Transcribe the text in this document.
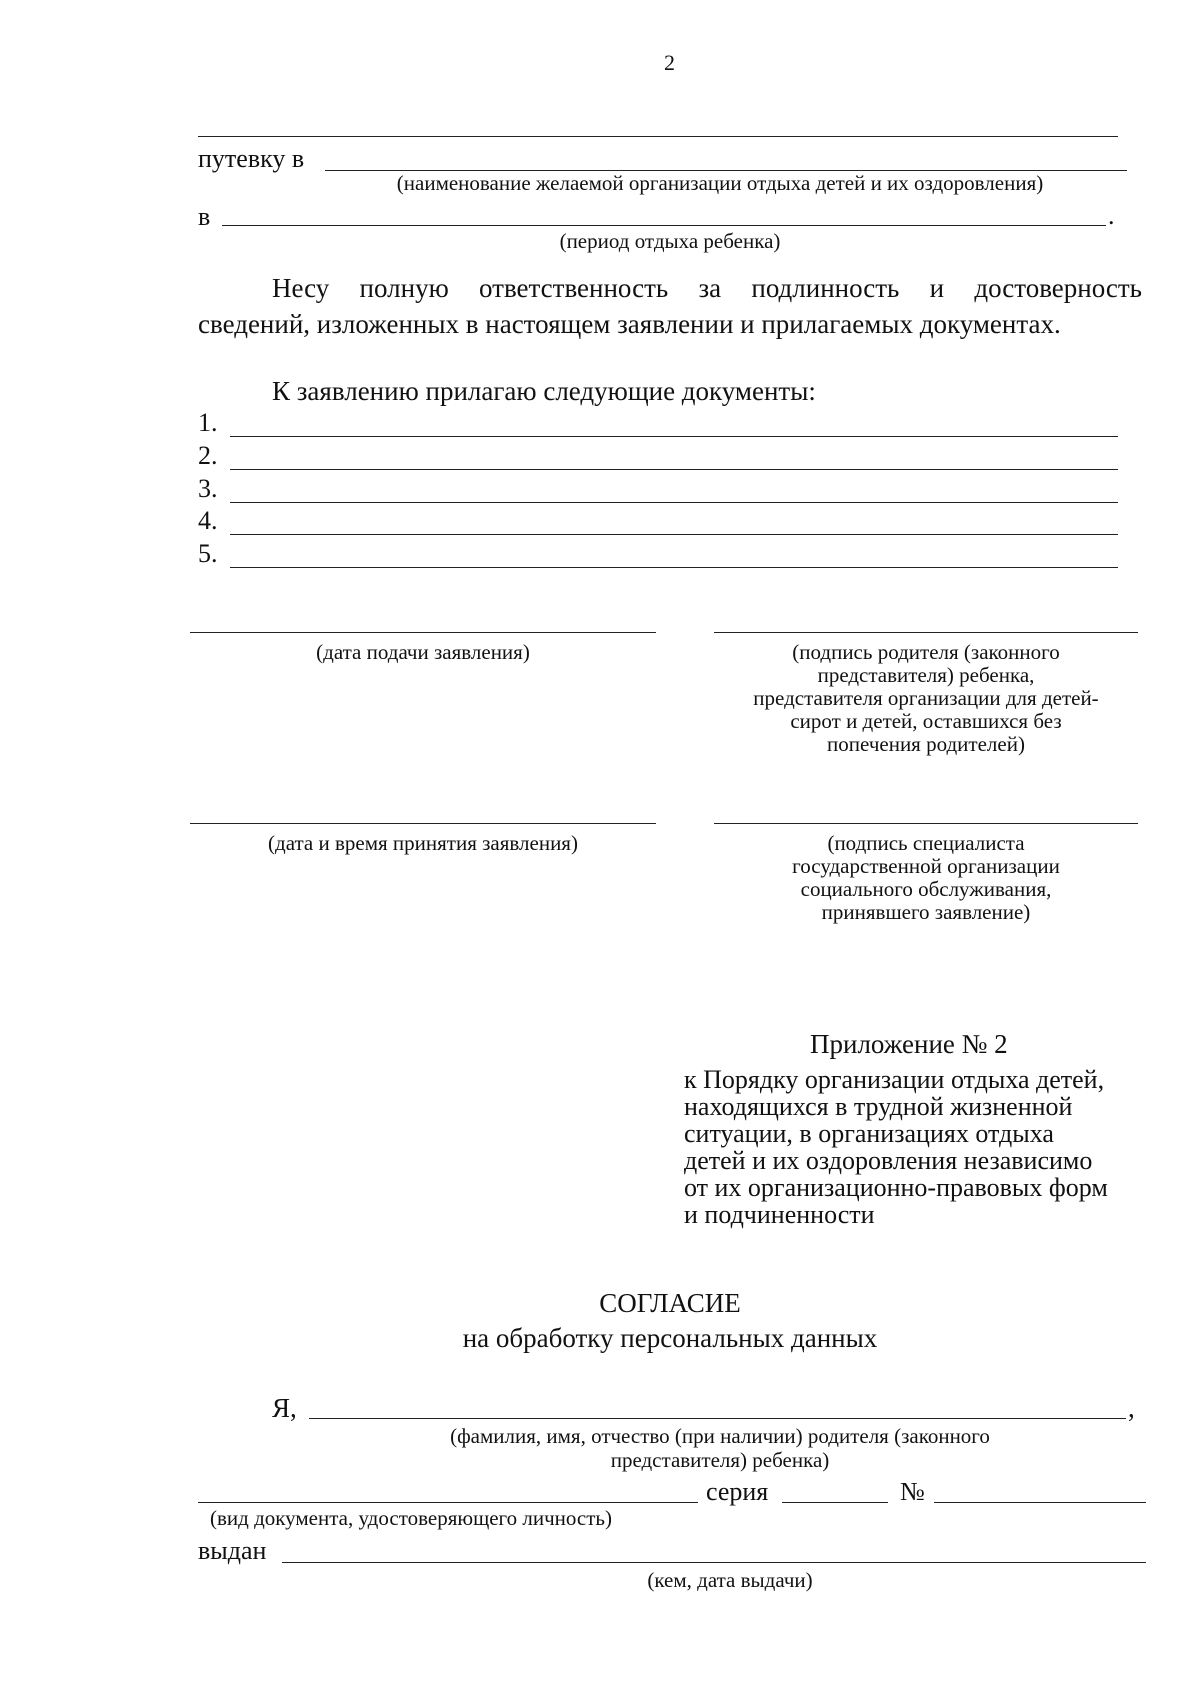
2
путевку в
(наименование желаемой организации отдыха детей и их оздоровления)
в	.
(период отдыха ребенка)
Несу полную ответственность за подлинность и достоверность
сведений, изложенных в настоящем заявлении и прилагаемых документах.
К заявлению прилагаю следующие документы:
1.
2.
3.
4.
5.
(дата подачи заявления)	(подпись родителя (законного
представителя) ребенка,
представителя организации для детей-
сирот и детей, оставшихся без
попечения родителей)
(дата и время принятия заявления)	(подпись специалиста
государственной организации
социального обслуживания,
принявшего заявление)
Приложение № 2
к Порядку организации отдыха детей,
находящихся в трудной жизненной
ситуации, в организациях отдыха
детей и их оздоровления независимо
от их организационно-правовых форм
и подчиненности
СОГЛАСИЕ
на обработку персональных данных
Я,	,
(фамилия, имя, отчество (при наличии) родителя (законного
представителя) ребенка)
серия	№
(вид документа, удостоверяющего личность)
выдан
(кем, дата выдачи)
